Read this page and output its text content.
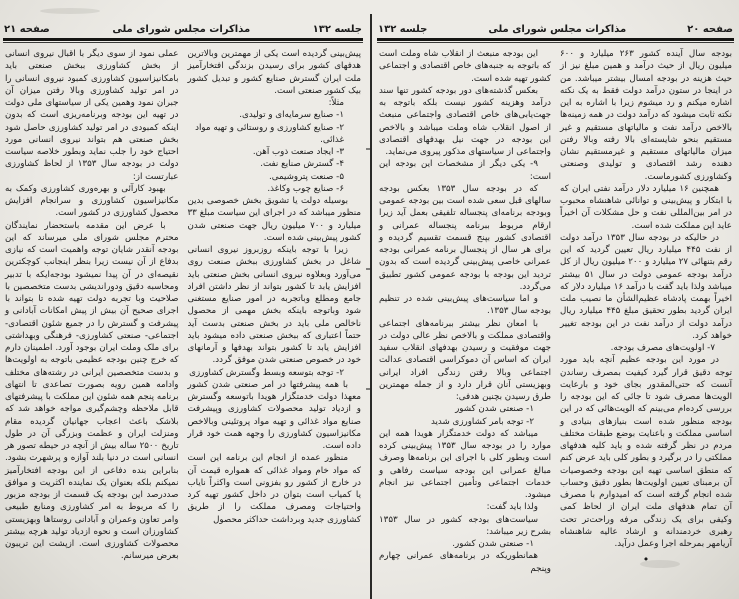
صفحه ۲۰
مذاکرات مجلس شورای ملی
جلسه ۱۳۲

بودجه سال آینده کشور ۲۶۳ میلیارد و ۶۰۰ میلیون ریال از حیث درآمد و همین مبلغ نیز از حیث هزینه در بودجه امسال بیشتر میباشد. من در اینجا در ستون درآمد دولت فقط به یک نکته اشاره میکنم و رد میشوم زیرا با اشاره به این نکته ثابت میشود که درآمد دولت در همه زمینه‌ها بالاخص درآمد نفت و مالیاتهای مستقیم و غیر مستقیم بنحو شایسته‌ای بالا رفته وبالا رفتن میزان مالیاتهای مستقیم و غیرمستقیم نشان دهنده رشد اقتصادی و تولیدی وصنعتی وکشاورزی کشورماست.

همچنین ۱۶ میلیارد دلار درآمد نفتی ایران که با ابتکار و پیش‌بینی و توانائی شاهنشاه محبوب در امر بین‌المللی نفت و حل مشکلات آن اخیراً عاید این مملکت شده است.

در حالیکه در بودجه سال ۱۳۵۳ درآمد دولت از نفت ۴۴۵ میلیارد ریال تعیین گردید که این رقم بتنهائی ۲۷ میلیارد و ۲۰۰ میلیون ریال از کل درآمد بودجه عمومی دولت در سال ۵۱ بیشتر میباشد ولذا باید گفت با درآمد ۱۶ میلیارد دلار که اخیراً بهمت پادشاه عظیم‌الشأن ما نصیب ملت ایران گردید بطور تحقیق مبلغ ۴۴۵ میلیارد ریال درآمد دولت از درآمد نفت در این بودجه تغییر خواهد کرد.

۷- اولویت‌های مصرف بودجه.

در مورد این بودجه عظیم آنچه باید مورد توجه دقیق قرار گیرد کیفیت بمصرف رساندن آنست که حتی‌المقدور بجای خود و بارعایت الویت‌ها مصرف شود تا جائی که این بودجه را بررسی کرده‌ام می‌بینم که الویت‌هائی که در این بودجه منظور شده است بنیازهای بنیادی و اساسی مملکت و باعنایت بوضع طبقات مختلف مردم در نظر گرفته شده و باید کلیه هدفهای مملکتی را در برگیرد و بطور کلی باید عرض کنم که منطق اساسی تهیه این بودجه وخصوصیات آن برمبنای تعیین اولویت‌ها بطور دقیق وحساب شده انجام گرفته است که امیدوارم با مصرف آن تمام هدفهای ملت ایران از لحاظ کمی وکیفی برای یک زندگی مرفه وراحت‌تر تحت رهبری خردمندانه و ارشاد عالیه شاهنشاه آریامهر بمرحله اجرا وعمل درآید.

•

این بودجه منبعث از انقلاب شاه وملت است که باتوجه به جنبه‌های خاص اقتصادی و اجتماعی کشور تهیه شده است.

بعکس گذشته‌های دور بودجه کشور تنها سند درآمد وهزینه کشور نیست بلکه باتوجه به جهت‌یابی‌های خاص اقتصادی واجتماعی منبعث از اصول انقلاب شاه وملت میباشد و بالاخص این بودجه در جهت نیل بهدفهای اقتصادی واجتماعی از سیاستهای مذکور پیروی می‌نماید.

۹- یکی دیگر از مشخصات این بودجه این است:

که در بودجه سال ۱۳۵۳ بعکس بودجه سالهای قبل سعی شده است بین بودجه عمومی وبودجه برنامه‌ای پنجساله تلفیقی بعمل آید زیرا ارقام مربوط ببرنامه پنجساله عمرانی و اقتصادی کشور بپنج قسمت تقسیم گردیده و برای هر سال از پنجسال برنامه عمرانی بودجه عمرانی خاصی پیش‌بینی گردیده است که بدون تردید این بودجه با بودجه عمومی کشور تطبیق می‌گردد.

و اما سیاست‌های پیش‌بینی شده در تنظیم بودجه سال ۱۳۵۳.

با امعان نظر بیشتر ببرنامه‌های اجتماعی واقتصادی مملکت و بالاخص نظر عالی دولت در جهت موفقیت و رسیدن بهدفهای انقلاب سفید ایران که اساس آن دموکراسی اقتصادی عدالت اجتماعی وبالا رفتن زندگی افراد ایرانی وبهزیستی آنان قرار دارد و از جمله مهمترین طرق رسیدن بچنین هدفی:

۱- صنعتی شدن کشور

۲- توجه بامر کشاورزی شدید

میباشد که دولت خدمتگزار هویدا همه این موارد را در بودجه سال ۱۳۵۳ پیش‌بینی کرده است وبطور کلی با اجرای این برنامه‌ها وصرف مبالغ عمرانی این بودجه سیاست رفاهی و خدمات اجتماعی وتأمین اجتماعی نیز انجام میشود.

ولذا باید گفت:

سیاست‌های بودجه کشور در سال ۱۳۵۳ بشرح زیر میباشد:

۱- صنعتی شدن کشور.

همانطوریکه در برنامه‌های عمرانی چهارم وپنجم

جلسه ۱۳۲
مذاکرات مجلس شورای ملی
صفحه ۲۱

پیش‌بینی گردیده است یکی از مهمترین وبالاترین هدفهای کشور برای رسیدن بزندگی افتخارآمیز ملت ایران گسترش صنایع کشور و تبدیل کشور بیک کشور صنعتی است.

مثلاً:

۱- صنایع سرمایه‌ای و تولیدی.

۲- صنایع کشاورزی و روستائی و تهیه مواد غذائی.

۳- ایجاد صنعت ذوب آهن.

۴- گسترش صنایع نفت.

۵- صنعت پتروشیمی.

۶- صنایع چوب وکاغذ.

بوسیله دولت یا تشویق بخش خصوصی بدین منظور میباشد که در اجرای این سیاست مبلغ ۳۳ میلیارد و ۷۰۰ میلیون ریال جهت صنعتی شدن کشور پیش‌بینی شده است.

زیرا با توجه باینکه روزبروز نیروی انسانی شاغل در بخش کشاورزی ببخش صنعت روی می‌آورد وبعلاوه نیروی انسانی بخش صنعتی باید افزایش یابد تا کشور بتواند از نظر داشتن افراد جامع ومطلع وباتجربه در امور صنایع مستغنی شود وباتوجه باینکه بخش مهمی از محصول ناخالص ملی باید در بخش صنعتی بدست آید حتماً اعتباری که ببخش صنعتی داده میشود باید افزایش یابد تا کشور بتواند بهدفها و آرمانهای خود در خصوص صنعتی شدن موفق گردد.

۲- توجه بتوسعه وبسط وگسترش کشاورزی

با همه پیشرفتها در امر صنعتی شدن کشور معهذا دولت خدمتگزار هویدا باتوسعه وگسترش و ازدیاد تولید محصولات کشاورزی وپیشرفت صنایع مواد غذائی و تهیه مواد پروتئینی وبالاخص مکانیزاسیون کشاورزی را وجهه همت خود قرار داده است.

منظور عمده از انجام این برنامه این است که مواد خام ومواد غذائی که همواره قیمت آن در خارج از کشور رو بفزونی است واکثراً نایاب یا کمیاب است بتوان در داخل کشور تهیه کرد واحتیاجات ومصرف مملکت را از طریق کشاورزی جدید وبرداشت حداکثر محصول

عملی نمود از سوی دیگر با اقبال نیروی انسانی از بخش کشاورزی ببخش صنعتی باید بامکانیزاسیون کشاورزی کمبود نیروی انسانی را در امر تولید کشاورزی وبالا رفتن میزان آن جبران نمود وهمین یکی از سیاستهای ملی دولت در تهیه این بودجه وبرنامه‌ریزی است که بدون اینکه کمبودی در امر تولید کشاورزی حاصل شود بخش صنعتی هم بتواند نیروی انسانی مورد احتیاج خود را جلب نماید وبطور خلاصه سیاست دولت در بودجه سال ۱۳۵۳ از لحاظ کشاورزی عبارتست از:

بهبود کارآئی و بهره‌وری کشاورزی وکمک به مکانیزاسیون کشاورزی و سرانجام افزایش محصول کشاورزی در کشور است.

با عرض این مقدمه باستحضار نمایندگان محترم مجلس شورای ملی میرساند که این بودجه آنقدر شایان توجه واهمیت است که نیازی بدفاع از آن نیست زیرا بنظر اینجانب کوچکترین نقیصه‌ای در آن پیدا نمیشود بودجه‌ایکه با تدبیر ومحاسبه دقیق ودوراندیشی بدست متخصصین با صلاحیت وبا تجربه دولت تهیه شده تا بتواند با اجرای صحیح آن بیش از پیش امکانات آبادانی و پیشرفت و گسترش را در جمیع شئون اقتصادی- اجتماعی- صنعتی کشاورزی- فرهنگی وبهداشتی برای ملک وملت ایران بوجود آورد. اطمینان دارم که خرج چنین بودجه عظیمی باتوجه به اولویت‌ها و بدست متخصصین ایرانی در رشته‌های مختلف وادامه همین رویه بصورت تصاعدی تا انتهای برنامه پنجم همه شئون این مملکت با پیشرفتهای قابل ملاحظه وچشم‌گیری مواجه خواهد شد که بلاشک باعث اعجاب جهانیان گردیده مقام ومنزلت ایران و عظمت وبزرگی آن در طول تاریخ ۲۵۰۰ ساله بیش از آنچه در حیطه تصور هر انسانی است در دنیا بلند آوازه و پرشهرت بشود. بنابراین بنده دفاعی از این بودجه افتخارآمیز نمیکنم بلکه بعنوان یک نماینده اکثریت و موافق صددرصد این بودجه یک قسمت از بودجه مزبور را که مربوط به امر کشاورزی ومنابع طبیعی وامر تعاون وعمران و آبادانی روستاها وبهزیستی کشاورزان است و نحوه ازدیاد تولید هرچه بیشتر محصولات کشاورزی است. ازپشت این تریبون بعرض میرسانم.
